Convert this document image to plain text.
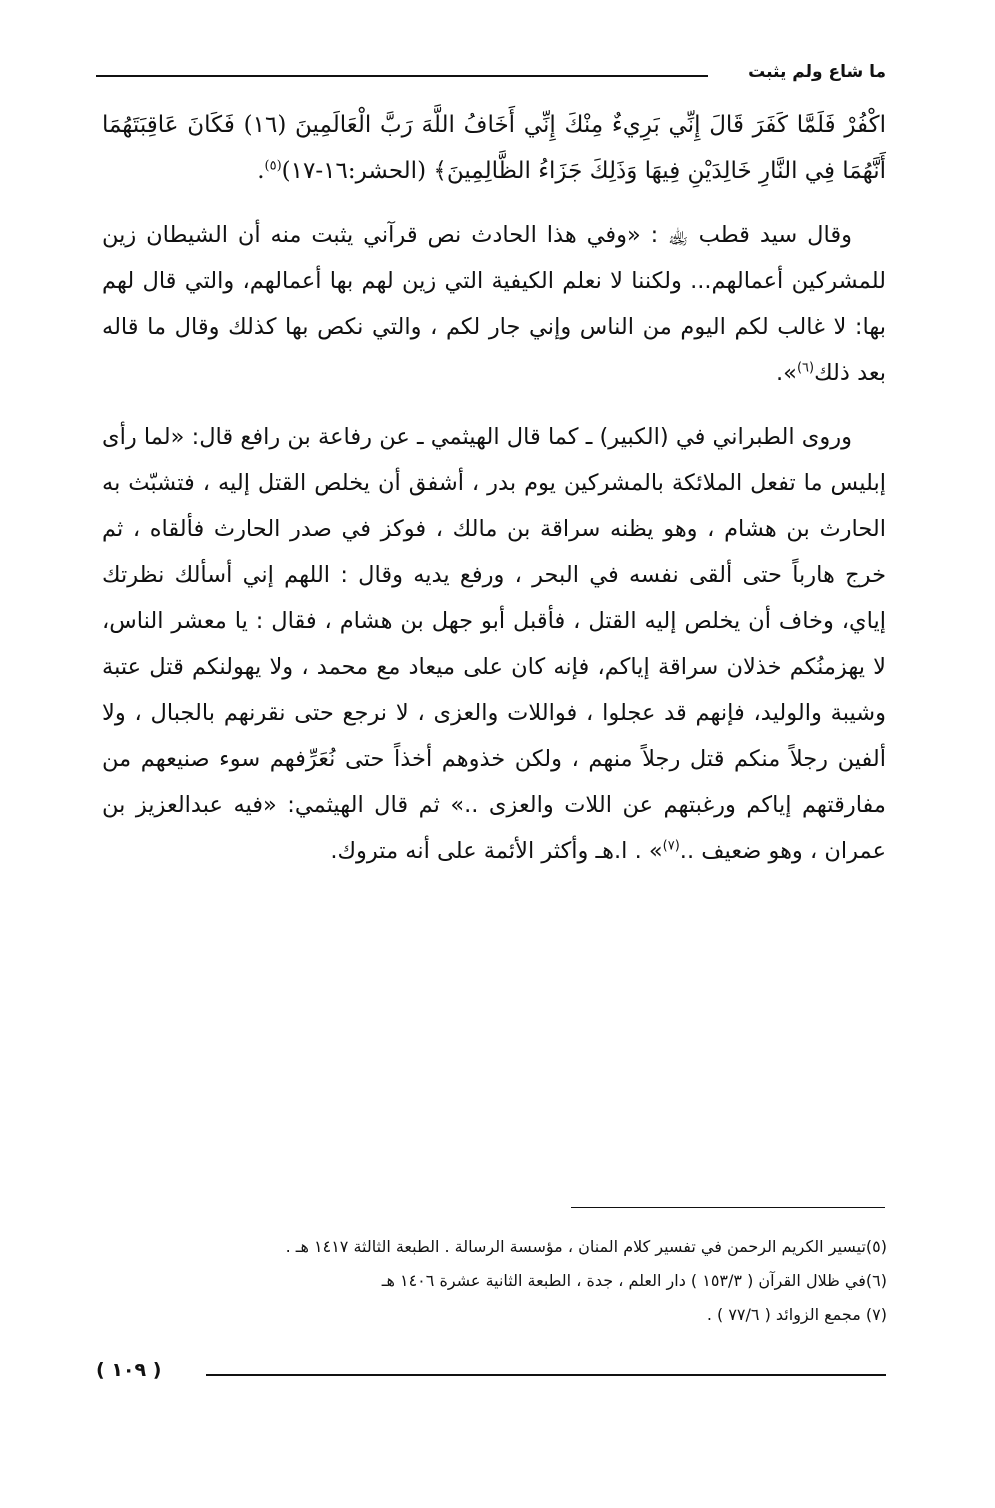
ما شاع ولم يثبت

اكْفُرْ فَلَمَّا كَفَرَ قَالَ إِنِّي بَرِيءٌ مِنْكَ إِنِّي أَخَافُ اللَّهَ رَبَّ الْعَالَمِينَ (١٦) فَكَانَ عَاقِبَتَهُمَا أَنَّهُمَا فِي النَّارِ خَالِدَيْنِ فِيهَا وَذَلِكَ جَزَاءُ الظَّالِمِينَ﴾ (الحشر:١٦-١٧)$^{(٥)}$.

وقال سيد قطب ﵀ : «وفي هذا الحادث نص قرآني يثبت منه أن الشيطان زين للمشركين أعمالهم... ولكننا لا نعلم الكيفية التي زين لهم بها أعمالهم، والتي قال لهم بها: لا غالب لكم اليوم من الناس وإني جار لكم ، والتي نكص بها كذلك وقال ما قاله بعد ذلك$^{(٦)}$».

وروى الطبراني في (الكبير) ـ كما قال الهيثمي ـ عن رفاعة بن رافع قال: «لما رأى إبليس ما تفعل الملائكة بالمشركين يوم بدر ، أشفق أن يخلص القتل إليه ، فتشبّث به الحارث بن هشام ، وهو يظنه سراقة بن مالك ، فوكز في صدر الحارث فألقاه ، ثم خرج هارباً حتى ألقى نفسه في البحر ، ورفع يديه وقال : اللهم إني أسألك نظرتك إياي، وخاف أن يخلص إليه القتل ، فأقبل أبو جهل بن هشام ، فقال : يا معشر الناس، لا يهزمنُكم خذلان سراقة إياكم، فإنه كان على ميعاد مع محمد ، ولا يهولنكم قتل عتبة وشيبة والوليد، فإنهم قد عجلوا ، فواللات والعزى ، لا نرجع حتى نقرنهم بالجبال ، ولا ألفين رجلاً منكم قتل رجلاً منهم ، ولكن خذوهم أخذاً حتى نُعَرِّفهم سوء صنيعهم من مفارقتهم إياكم ورغبتهم عن اللات والعزى ..» ثم قال الهيثمي: «فيه عبدالعزيز بن عمران ، وهو ضعيف ..$^{(٧)}$» . ا.هـ وأكثر الأئمة على أنه متروك.

(٥)تيسير الكريم الرحمن في تفسير كلام المنان ، مؤسسة الرسالة . الطبعة الثالثة ١٤١٧ هـ .
(٦)في ظلال القرآن ( ١٥٣/٣ ) دار العلم ، جدة ، الطبعة الثانية عشرة ١٤٠٦ هـ
(٧) مجمع الزوائد ( ٧٧/٦ ) .
( ١٠٩ )
